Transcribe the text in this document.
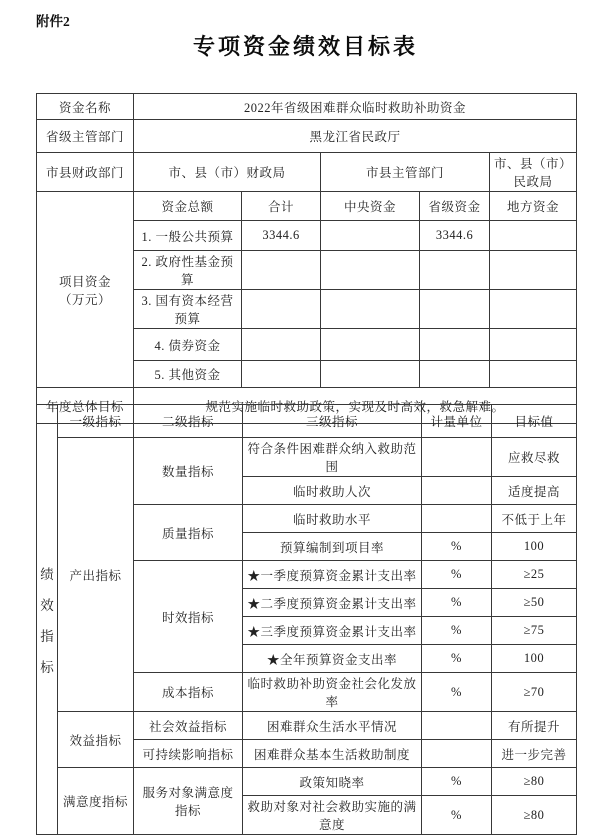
附件2
专项资金绩效目标表
资金名称	2022年省级困难群众临时救助补助资金				
省级主管部门	黑龙江省民政厅				
市县财政部门	市、县（市）财政局		市县主管部门		市、县（市）民政局

项目资金
（万元）	资金总额	合计	中央资金	省级资金	地方资金
	1. 一般公共预算	3344.6		3344.6	
	2. 政府性基金预算				
	3. 国有资本经营预算				
	4. 债券资金				
	5. 其他资金				
年度总体目标	规范实施临时救助政策，实现及时高效，救急解难。				
绩
效
指
标	一级指标	二级指标	三级指标	计量单位	目标值
	产出指标	数量指标	符合条件困难群众纳入救助范围		应救尽救
			临时救助人次		适度提高
		质量指标	临时救助水平		不低于上年
			预算编制到项目率	%	100
		时效指标	★一季度预算资金累计支出率	%	≥25
			★二季度预算资金累计支出率	%	≥50
			★三季度预算资金累计支出率	%	≥75
			★全年预算资金支出率	%	100
		成本指标	临时救助补助资金社会化发放率	%	≥70
	效益指标	社会效益指标	困难群众生活水平情况		有所提升
		可持续影响指标	困难群众基本生活救助制度		进一步完善
	满意度指标	服务对象满意度指标	政策知晓率	%	≥80
			救助对象对社会救助实施的满意度	%	≥80
